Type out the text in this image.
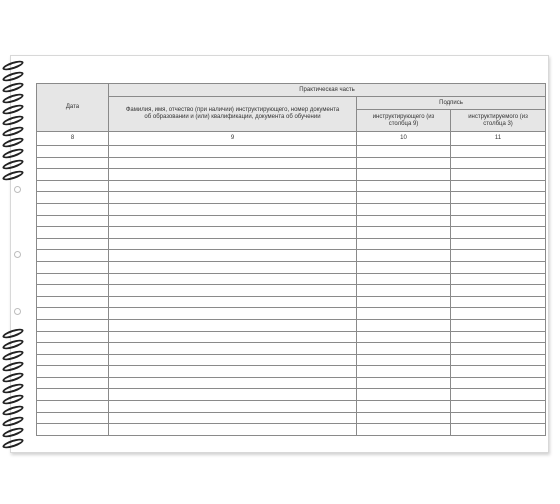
Дата	Практическая часть		
	Фамилия, имя, отчество (при наличии) инструктирующего, номер документа об образовании и (или) квалификации, документа об обучении	Подпись	
		инструктирующего (из столбца 9)	инструктируемого (из столбца 3)
8	9	10	11
